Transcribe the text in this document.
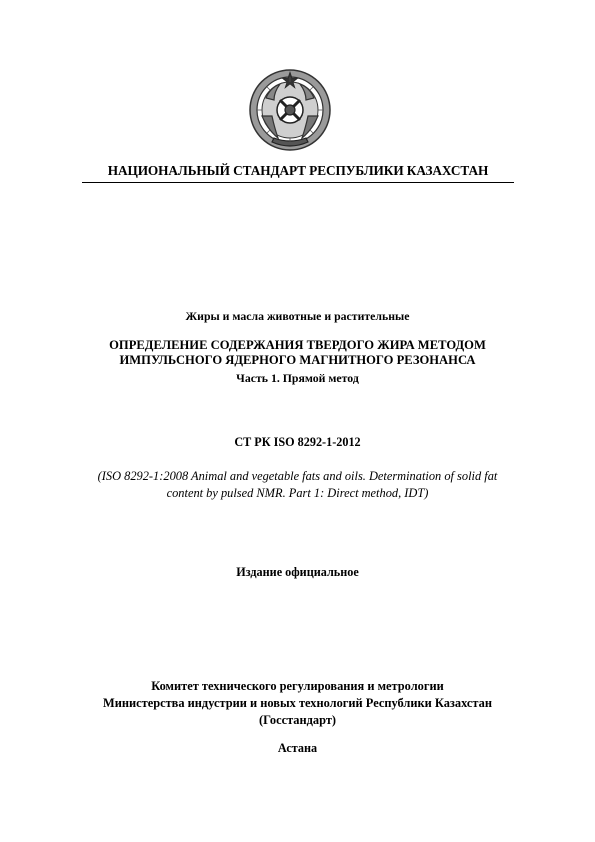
НАЦИОНАЛЬНЫЙ СТАНДАРТ РЕСПУБЛИКИ КАЗАХСТАН
Жиры и масла животные и растительные
ОПРЕДЕЛЕНИЕ СОДЕРЖАНИЯ ТВЕРДОГО ЖИРА МЕТОДОМ
ИМПУЛЬСНОГО ЯДЕРНОГО МАГНИТНОГО РЕЗОНАНСА
Часть 1. Прямой метод
СТ РК ISO 8292-1-2012
(ISO 8292-1:2008 Animal and vegetable fats and oils. Determination of solid fat
content by pulsed NMR. Part 1: Direct method, IDT)
Издание официальное
Комитет технического регулирования и метрологии
Министерства индустрии и новых технологий Республики Казахстан
(Госстандарт)
Астана
